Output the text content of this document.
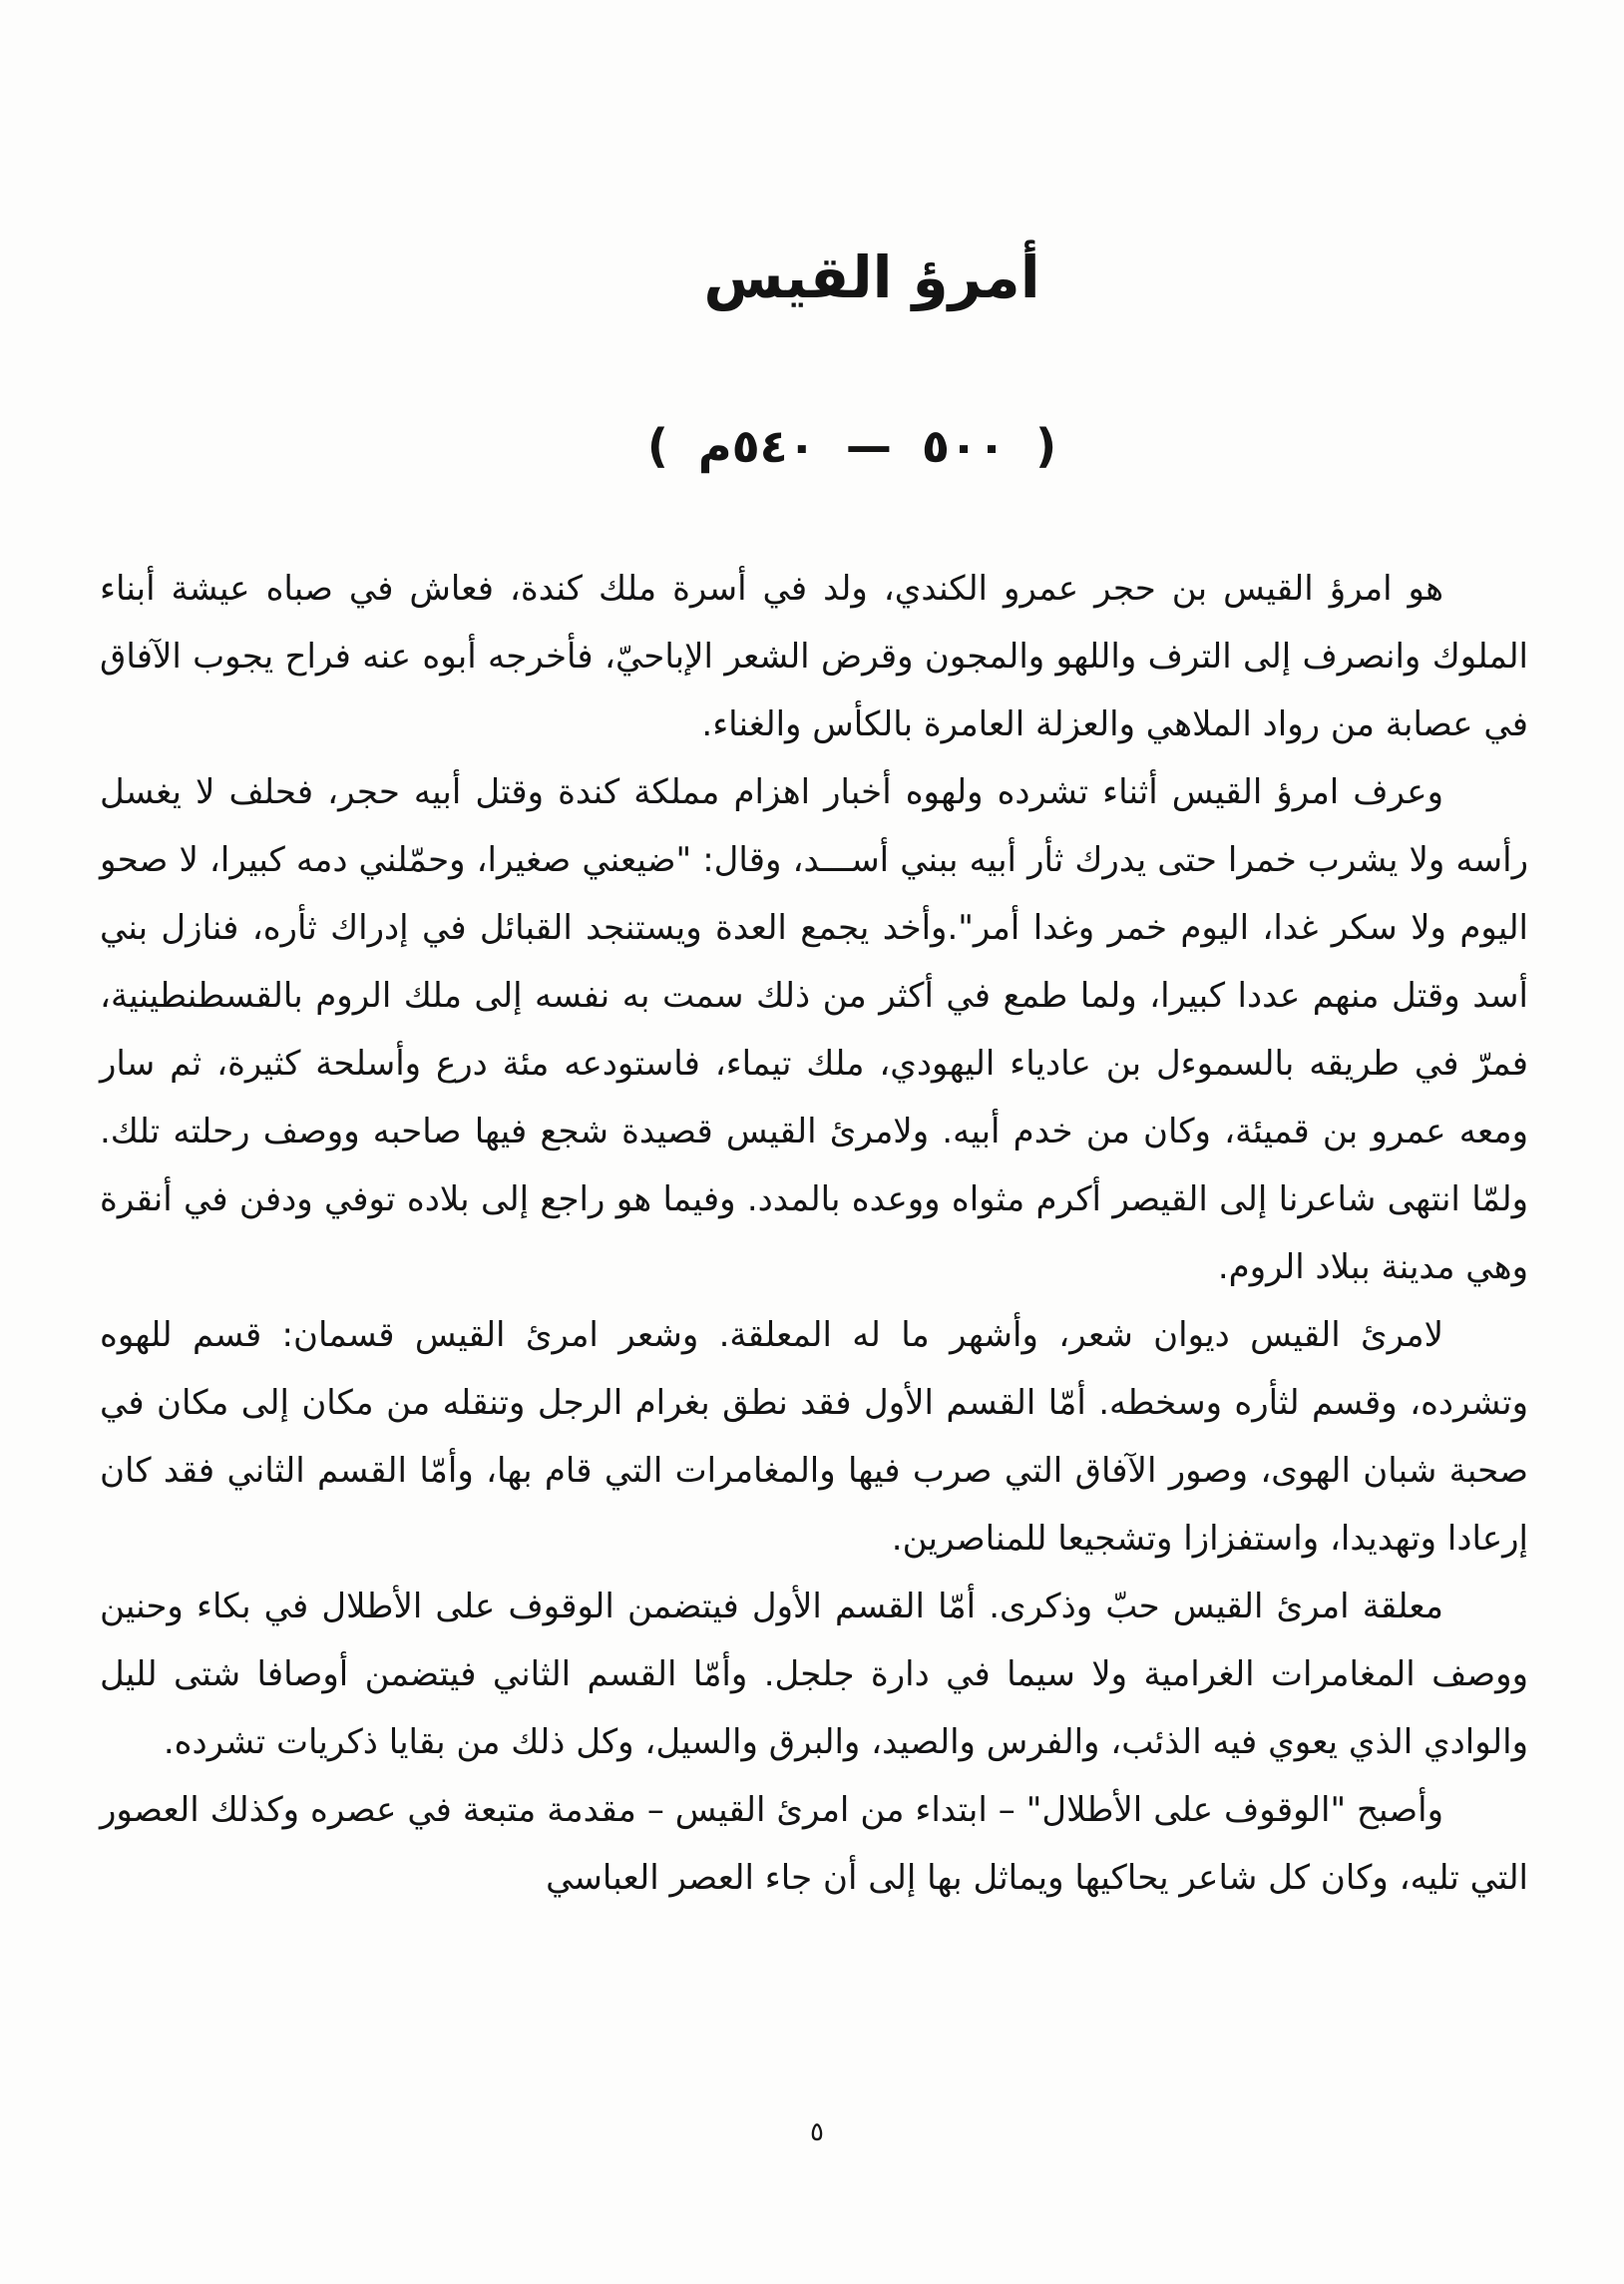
أمرؤ القيس
( ٥٠٠ — ٥٤٠م )

هو امرؤ القيس بن حجر عمرو الكندي، ولد في أسرة ملك كندة، فعاش في صباه عيشة أبناء الملوك وانصرف إلى الترف واللهو والمجون وقرض الشعر الإباحيّ، فأخرجه أبوه عنه فراح يجوب الآفاق في عصابة من رواد الملاهي والعزلة العامرة بالكأس والغناء.

وعرف امرؤ القيس أثناء تشرده ولهوه أخبار اهزام مملكة كندة وقتل أبيه حجر، فحلف لا يغسل رأسه ولا يشرب خمرا حتى يدرك ثأر أبيه ببني أســـد، وقال: "ضيعني صغيرا، وحمّلني دمه كبيرا، لا صحو اليوم ولا سكر غدا، اليوم خمر وغدا أمر".وأخد يجمع العدة ويستنجد القبائل في إدراك ثأره، فنازل بني أسد وقتل منهم عددا كبيرا، ولما طمع في أكثر من ذلك سمت به نفسه إلى ملك الروم بالقسطنطينية، فمرّ في طريقه بالسموءل بن عادياء اليهودي، ملك تيماء، فاستودعه مئة درع وأسلحة كثيرة، ثم سار ومعه عمرو بن قميئة، وكان من خدم أبيه. ولامرئ القيس قصيدة شجع فيها صاحبه ووصف رحلته تلك. ولمّا انتهى شاعرنا إلى القيصر أكرم مثواه ووعده بالمدد. وفيما هو راجع إلى بلاده توفي ودفن في أنقرة وهي مدينة ببلاد الروم.

لامرئ القيس ديوان شعر، وأشهر ما له المعلقة. وشعر امرئ القيس قسمان: قسم للهوه وتشرده، وقسم لثأره وسخطه. أمّا القسم الأول فقد نطق بغرام الرجل وتنقله من مكان إلى مكان في صحبة شبان الهوى، وصور الآفاق التي صرب فيها والمغامرات التي قام بها، وأمّا القسم الثاني فقد كان إرعادا وتهديدا، واستفزازا وتشجيعا للمناصرين.

معلقة امرئ القيس حبّ وذكرى. أمّا القسم الأول فيتضمن الوقوف على الأطلال في بكاء وحنين ووصف المغامرات الغرامية ولا سيما في دارة جلجل. وأمّا القسم الثاني فيتضمن أوصافا شتى لليل والوادي الذي يعوي فيه الذئب، والفرس والصيد، والبرق والسيل، وكل ذلك من بقايا ذكريات تشرده.

وأصبح "الوقوف على الأطلال" – ابتداء من امرئ القيس – مقدمة متبعة في عصره وكذلك العصور التي تليه، وكان كل شاعر يحاكيها ويماثل بها إلى أن جاء العصر العباسي

٥
